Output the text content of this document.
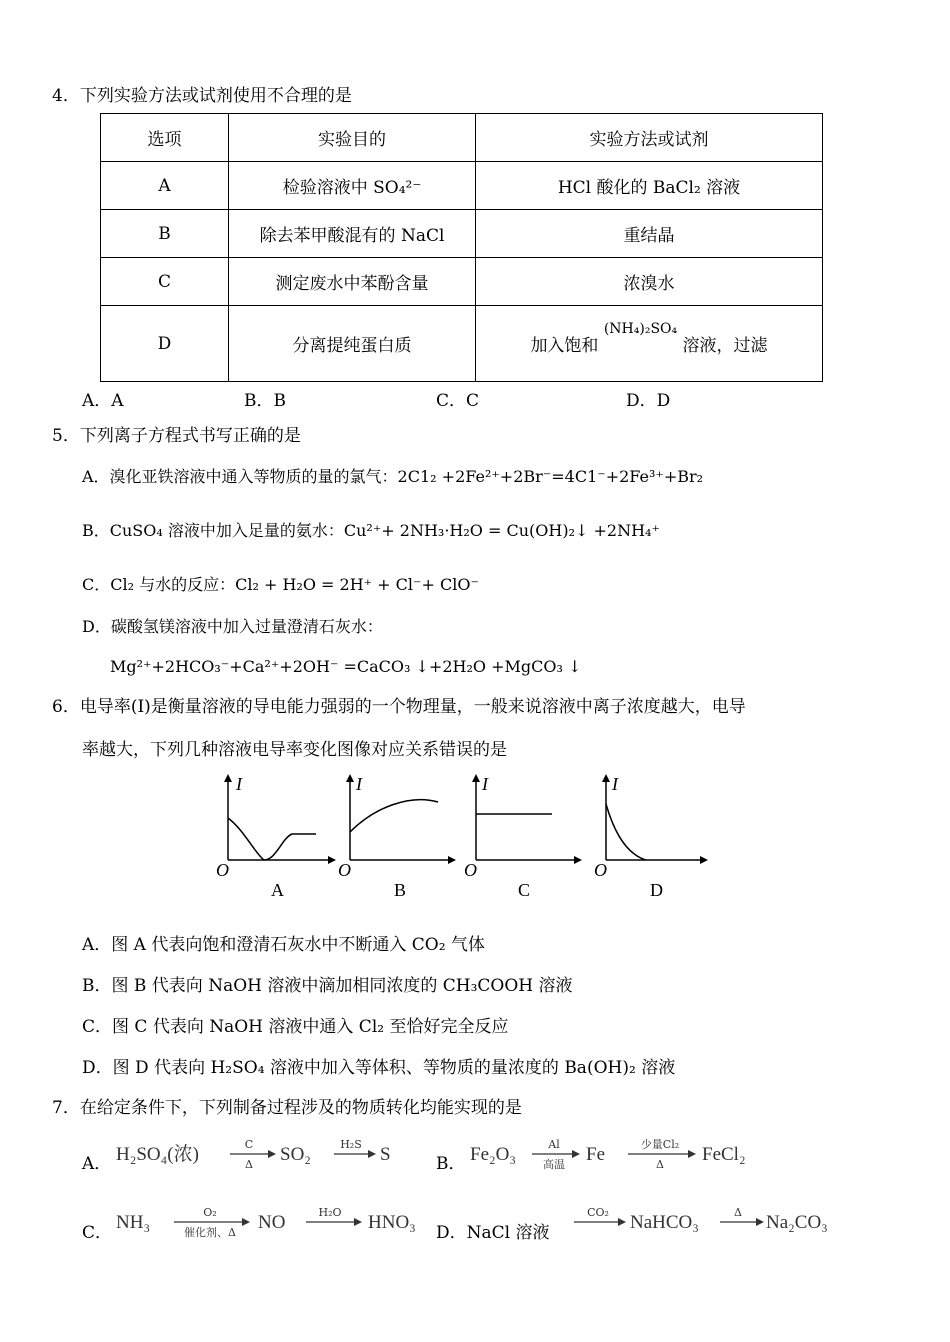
4．下列实验方法或试剂使用不合理的是
选项	实验目的	实验方法或试剂
A	检验溶液中 SO₄²⁻	HCl 酸化的 BaCl₂ 溶液
B	除去苯甲酸混有的 NaCl	重结晶
C	测定废水中苯酚含量	浓溴水
D	分离提纯蛋白质	加入饱和 $^{(NH_4)_2SO_4}$ 溶液，过滤
A．A	B．B	C．C	D．D
5．下列离子方程式书写正确的是
A．溴化亚铁溶液中通入等物质的量的氯气：2C1₂ +2Fe²⁺+2Br⁻=4C1⁻+2Fe³⁺+Br₂
B．CuSO₄ 溶液中加入足量的氨水：Cu²⁺+ 2NH₃·H₂O = Cu(OH)₂↓ +2NH₄⁺
C．Cl₂ 与水的反应：Cl₂ + H₂O = 2H⁺ + Cl⁻+ ClO⁻
D．碳酸氢镁溶液中加入过量澄清石灰水：
Mg²⁺+2HCO₃⁻+Ca²⁺+2OH⁻ =CaCO₃ ↓+2H₂O +MgCO₃ ↓
6．电导率(I)是衡量溶液的导电能力强弱的一个物理量，一般来说溶液中离子浓度越大，电导
率越大，下列几种溶液电导率变化图像对应关系错误的是
I
O
A
I
O
B
I
O
C
I
O
D
A．图 A 代表向饱和澄清石灰水中不断通入 CO₂ 气体
B．图 B 代表向 NaOH 溶液中滴加相同浓度的 CH₃COOH 溶液
C．图 C 代表向 NaOH 溶液中通入 Cl₂ 至恰好完全反应
D．图 D 代表向 H₂SO₄ 溶液中加入等体积、等物质的量浓度的 Ba(OH)₂ 溶液
7．在给定条件下，下列制备过程涉及的物质转化均能实现的是
A． H₂SO₄(浓)	C
Δ SO₂	H₂S S	B． Fe₂O₃	Al
高温 Fe	少量Cl₂
Δ FeCl₂
C． NH₃	O₂
催化剂、Δ NO	H₂O HNO₃ D．NaCl 溶液
CO₂ NaHCO₃	Δ Na₂CO₃
